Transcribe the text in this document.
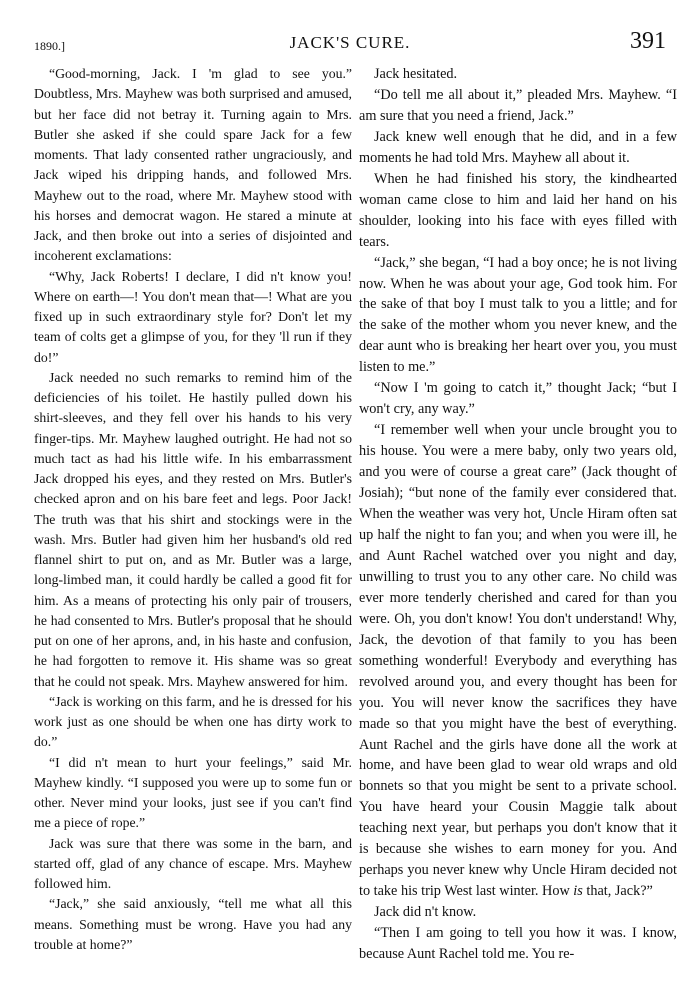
1890.]	JACK'S CURE.	391

“Good-morning, Jack. I 'm glad to see you.” Doubtless, Mrs. Mayhew was both surprised and amused, but her face did not betray it. Turning again to Mrs. Butler she asked if she could spare Jack for a few moments. That lady consented rather ungraciously, and Jack wiped his dripping hands, and followed Mrs. Mayhew out to the road, where Mr. Mayhew stood with his horses and democrat wagon. He stared a minute at Jack, and then broke out into a series of disjointed and incoherent exclamations:

“Why, Jack Roberts! I declare, I did n't know you! Where on earth—! You don't mean that—! What are you fixed up in such extraordinary style for? Don't let my team of colts get a glimpse of you, for they 'll run if they do!”

Jack needed no such remarks to remind him of the deficiencies of his toilet. He hastily pulled down his shirt-sleeves, and they fell over his hands to his very finger-tips. Mr. Mayhew laughed outright. He had not so much tact as had his little wife. In his embarrassment Jack dropped his eyes, and they rested on Mrs. Butler's checked apron and on his bare feet and legs. Poor Jack! The truth was that his shirt and stockings were in the wash. Mrs. Butler had given him her husband's old red flannel shirt to put on, and as Mr. Butler was a large, long-limbed man, it could hardly be called a good fit for him. As a means of protecting his only pair of trousers, he had consented to Mrs. Butler's proposal that he should put on one of her aprons, and, in his haste and confusion, he had forgotten to remove it. His shame was so great that he could not speak. Mrs. Mayhew answered for him.

“Jack is working on this farm, and he is dressed for his work just as one should be when one has dirty work to do.”

“I did n't mean to hurt your feelings,” said Mr. Mayhew kindly. “I supposed you were up to some fun or other. Never mind your looks, just see if you can't find me a piece of rope.”

Jack was sure that there was some in the barn, and started off, glad of any chance of escape. Mrs. Mayhew followed him.

“Jack,” she said anxiously, “tell me what all this means. Something must be wrong. Have you had any trouble at home?”

Jack hesitated.

“Do tell me all about it,” pleaded Mrs. Mayhew. “I am sure that you need a friend, Jack.”

Jack knew well enough that he did, and in a few moments he had told Mrs. Mayhew all about it.

When he had finished his story, the kindhearted woman came close to him and laid her hand on his shoulder, looking into his face with eyes filled with tears.

“Jack,” she began, “I had a boy once; he is not living now. When he was about your age, God took him. For the sake of that boy I must talk to you a little; and for the sake of the mother whom you never knew, and the dear aunt who is breaking her heart over you, you must listen to me.”

“Now I 'm going to catch it,” thought Jack; “but I won't cry, any way.”

“I remember well when your uncle brought you to his house. You were a mere baby, only two years old, and you were of course a great care” (Jack thought of Josiah); “but none of the family ever considered that. When the weather was very hot, Uncle Hiram often sat up half the night to fan you; and when you were ill, he and Aunt Rachel watched over you night and day, unwilling to trust you to any other care. No child was ever more tenderly cherished and cared for than you were. Oh, you don't know! You don't understand! Why, Jack, the devotion of that family to you has been something wonderful! Everybody and everything has revolved around you, and every thought has been for you. You will never know the sacrifices they have made so that you might have the best of everything. Aunt Rachel and the girls have done all the work at home, and have been glad to wear old wraps and old bonnets so that you might be sent to a private school. You have heard your Cousin Maggie talk about teaching next year, but perhaps you don't know that it is because she wishes to earn money for you. And perhaps you never knew why Uncle Hiram decided not to take his trip West last winter. How is that, Jack?”

Jack did n't know.

“Then I am going to tell you how it was. I know, because Aunt Rachel told me. You re-
